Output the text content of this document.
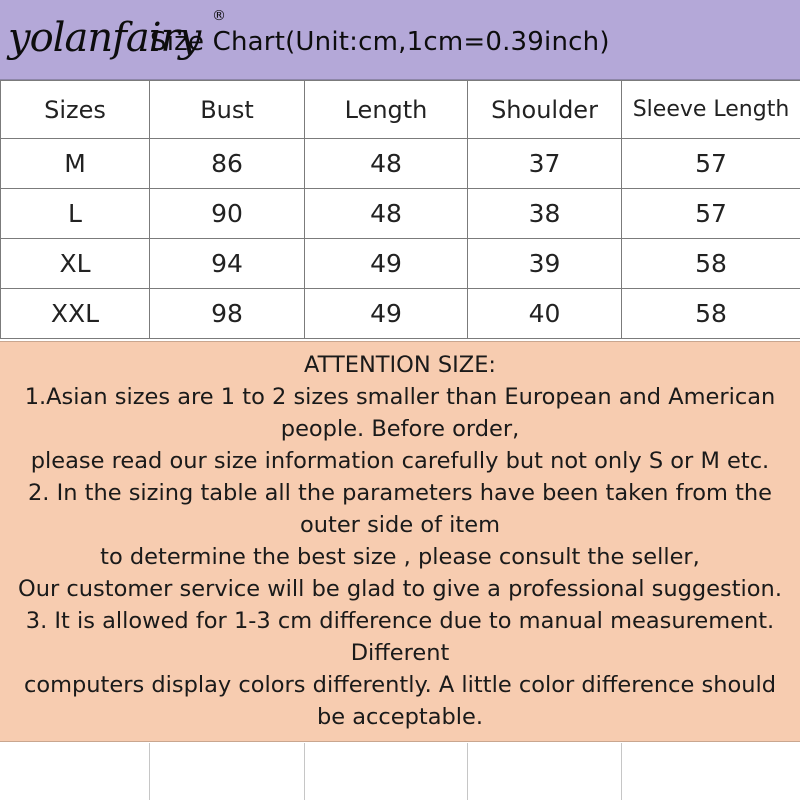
Size Chart(Unit:cm,1cm=0.39inch)
yolanfairy ®
Sizes	Bust	Length	Shoulder	Sleeve Length
M	86	48	37	57
L	90	48	38	57
XL	94	49	39	58
XXL	98	49	40	58
ATTENTION SIZE:
1.Asian sizes are 1 to 2 sizes smaller than European and American
people. Before order,
please read our size information carefully but not only S or M etc.
2. In the sizing table all the parameters have been taken from the
outer side of item
to determine the best size , please consult the seller,
Our customer service will be glad to give a professional suggestion.
3. It is allowed for 1-3 cm difference due to manual measurement.
Different
computers display colors differently. A little color difference should
be acceptable.
